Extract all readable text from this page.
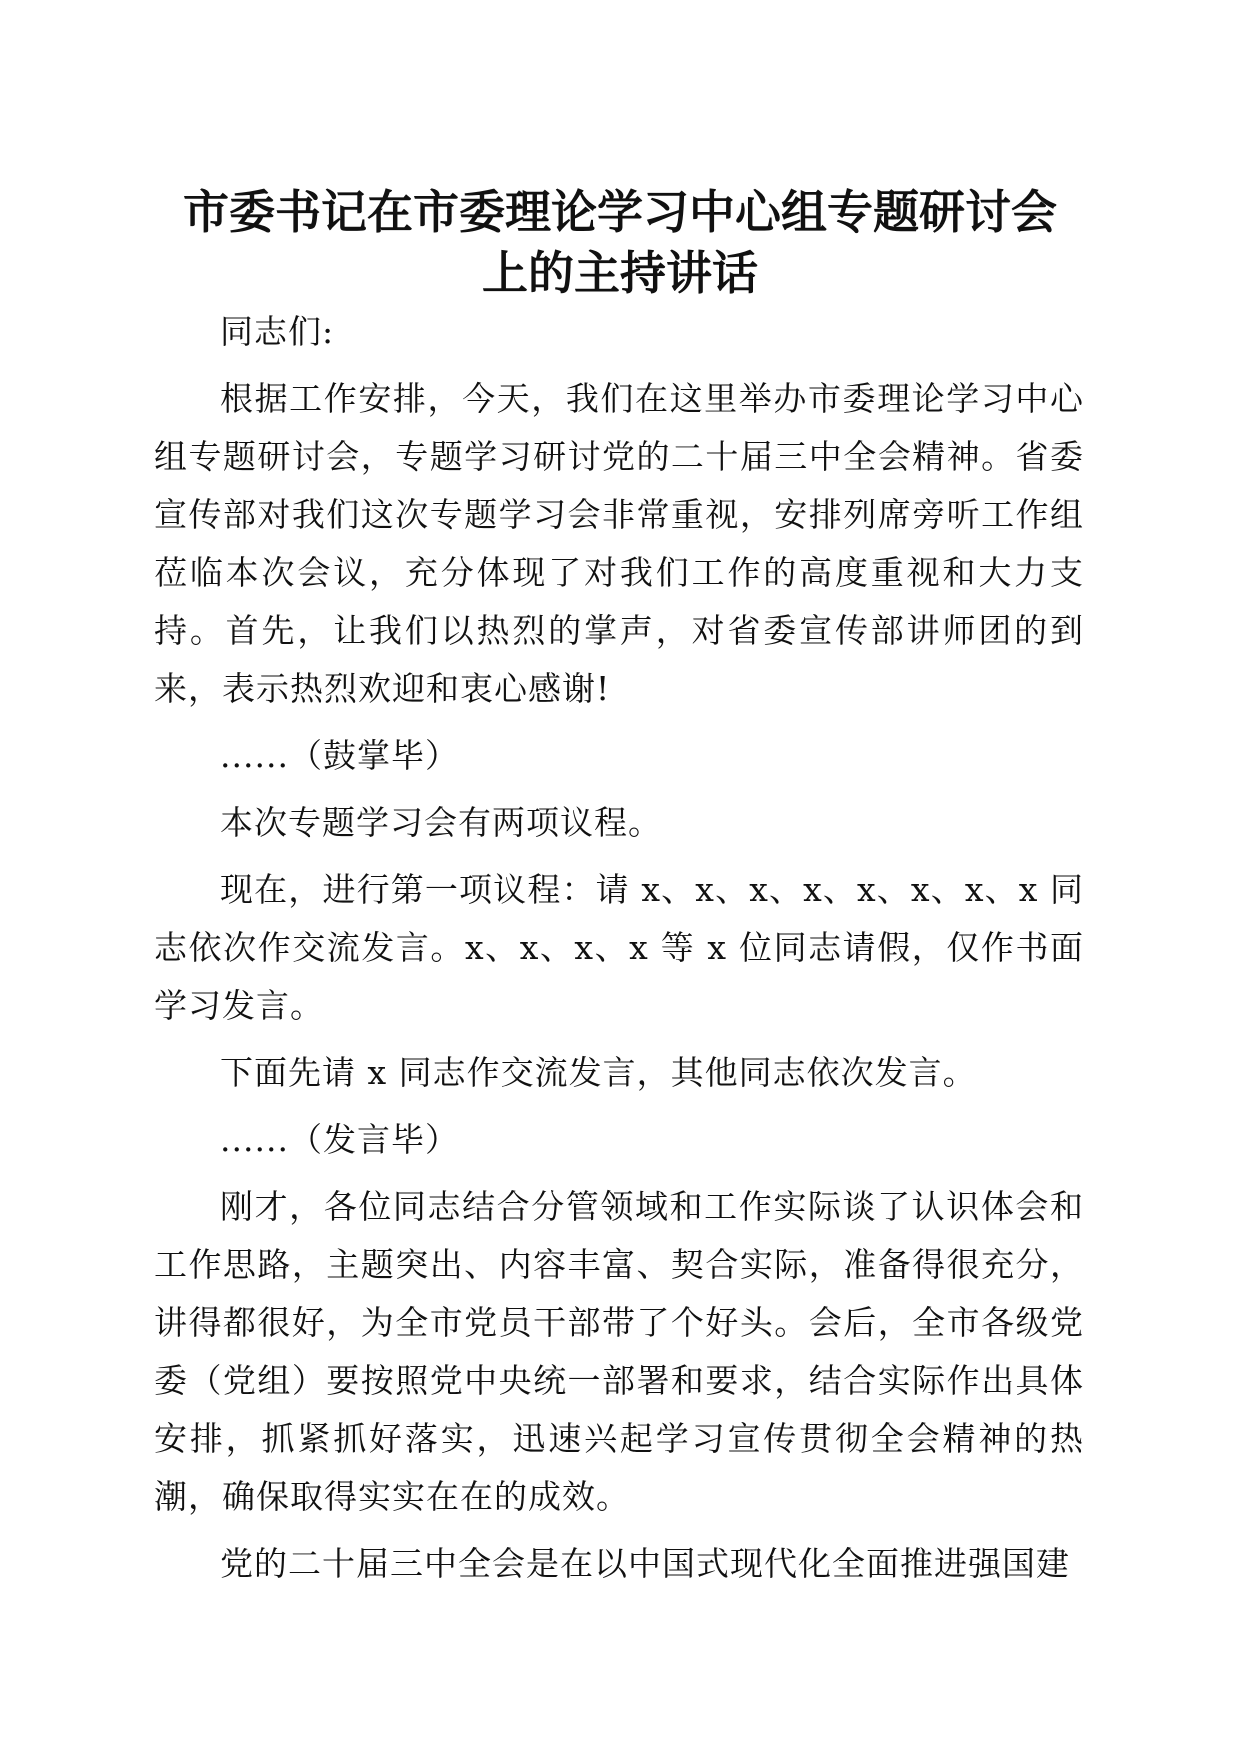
市委书记在市委理论学习中心组专题研讨会
上的主持讲话

同志们:

根据工作安排，今天，我们在这里举办市委理论学习中心组专题研讨会，专题学习研讨党的二十届三中全会精神。省委宣传部对我们这次专题学习会非常重视，安排列席旁听工作组莅临本次会议，充分体现了对我们工作的高度重视和大力支持。首先，让我们以热烈的掌声，对省委宣传部讲师团的到来，表示热烈欢迎和衷心感谢!

......（鼓掌毕）

本次专题学习会有两项议程。

现在，进行第一项议程：请 x、x、x、x、x、x、x、x 同志依次作交流发言。x、x、x、x 等 x 位同志请假，仅作书面学习发言。

下面先请 x 同志作交流发言，其他同志依次发言。

......（发言毕）

刚才，各位同志结合分管领域和工作实际谈了认识体会和工作思路，主题突出、内容丰富、契合实际，准备得很充分，讲得都很好，为全市党员干部带了个好头。会后，全市各级党委（党组）要按照党中央统一部署和要求，结合实际作出具体安排，抓紧抓好落实，迅速兴起学习宣传贯彻全会精神的热潮，确保取得实实在在的成效。

党的二十届三中全会是在以中国式现代化全面推进强国建
